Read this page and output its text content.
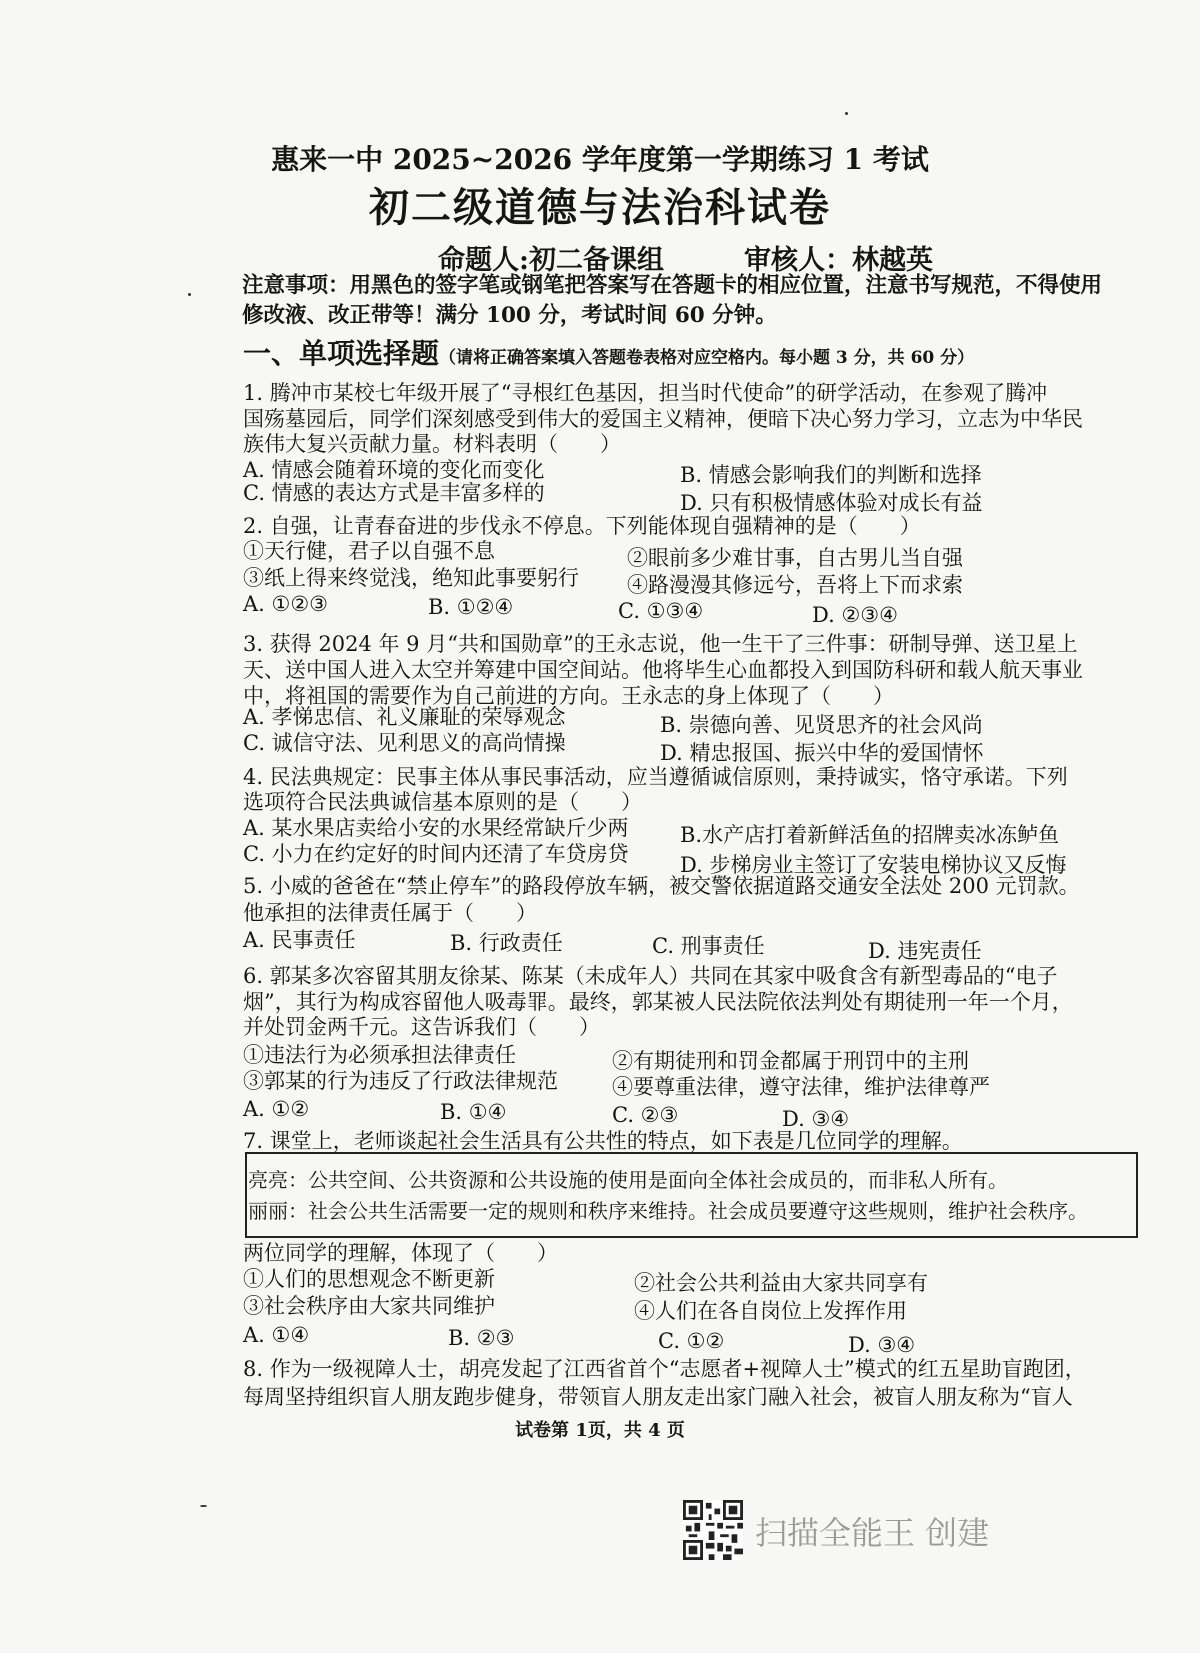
惠来一中 2025~2026 学年度第一学期练习 1 考试
初二级道德与法治科试卷
命题人:初二备课组	审核人：林越英
注意事项：用黑色的签字笔或钢笔把答案写在答题卡的相应位置，注意书写规范，不得使用
修改液、改正带等！满分 100 分，考试时间 60 分钟。
一、单项选择题（请将正确答案填入答题卷表格对应空格内。每小题 3 分，共 60 分）
1. 腾冲市某校七年级开展了“寻根红色基因，担当时代使命”的研学活动，在参观了腾冲
国殇墓园后，同学们深刻感受到伟大的爱国主义精神，便暗下决心努力学习，立志为中华民
族伟大复兴贡献力量。材料表明（　　）
A. 情感会随着环境的变化而变化	B. 情感会影响我们的判断和选择
C. 情感的表达方式是丰富多样的	D. 只有积极情感体验对成长有益
2. 自强，让青春奋进的步伐永不停息。下列能体现自强精神的是（　　）
①天行健，君子以自强不息	②眼前多少难甘事，自古男儿当自强
③纸上得来终觉浅，绝知此事要躬行 ④路漫漫其修远兮，吾将上下而求索
A. ①②③	B. ①②④	C. ①③④	D. ②③④
3. 获得 2024 年 9 月“共和国勋章”的王永志说，他一生干了三件事：研制导弹、送卫星上
天、送中国人进入太空并筹建中国空间站。他将毕生心血都投入到国防科研和载人航天事业
中，将祖国的需要作为自己前进的方向。王永志的身上体现了（　　）
A. 孝悌忠信、礼义廉耻的荣辱观念	B. 崇德向善、见贤思齐的社会风尚
C. 诚信守法、见利思义的高尚情操	D. 精忠报国、振兴中华的爱国情怀
4. 民法典规定：民事主体从事民事活动，应当遵循诚信原则，秉持诚实，恪守承诺。下列
选项符合民法典诚信基本原则的是（　　）
A. 某水果店卖给小安的水果经常缺斤少两 B.水产店打着新鲜活鱼的招牌卖冰冻鲈鱼
C. 小力在约定好的时间内还清了车贷房贷 D. 步梯房业主签订了安装电梯协议又反悔
5. 小威的爸爸在“禁止停车”的路段停放车辆，被交警依据道路交通安全法处 200 元罚款。
他承担的法律责任属于（　　）
A. 民事责任	B. 行政责任	C. 刑事责任	D. 违宪责任
6. 郭某多次容留其朋友徐某、陈某（未成年人）共同在其家中吸食含有新型毒品的“电子
烟”，其行为构成容留他人吸毒罪。最终，郭某被人民法院依法判处有期徒刑一年一个月，
并处罚金两千元。这告诉我们（　　）
①违法行为必须承担法律责任	②有期徒刑和罚金都属于刑罚中的主刑
③郭某的行为违反了行政法律规范	④要尊重法律，遵守法律，维护法律尊严
A. ①②	B. ①④	C. ②③	D. ③④
7. 课堂上，老师谈起社会生活具有公共性的特点，如下表是几位同学的理解。
亮亮：公共空间、公共资源和公共设施的使用是面向全体社会成员的，而非私人所有。
丽丽：社会公共生活需要一定的规则和秩序来维持。社会成员要遵守这些规则，维护社会秩序。
两位同学的理解，体现了（　　）
①人们的思想观念不断更新	②社会公共利益由大家共同享有
③社会秩序由大家共同维护	④人们在各自岗位上发挥作用
A. ①④	B. ②③	C. ①②	D. ③④
8. 作为一级视障人士，胡亮发起了江西省首个“志愿者+视障人士”模式的红五星助盲跑团，
每周坚持组织盲人朋友跑步健身，带领盲人朋友走出家门融入社会，被盲人朋友称为“盲人
试卷第 1页，共 4 页
扫描全能王 创建
